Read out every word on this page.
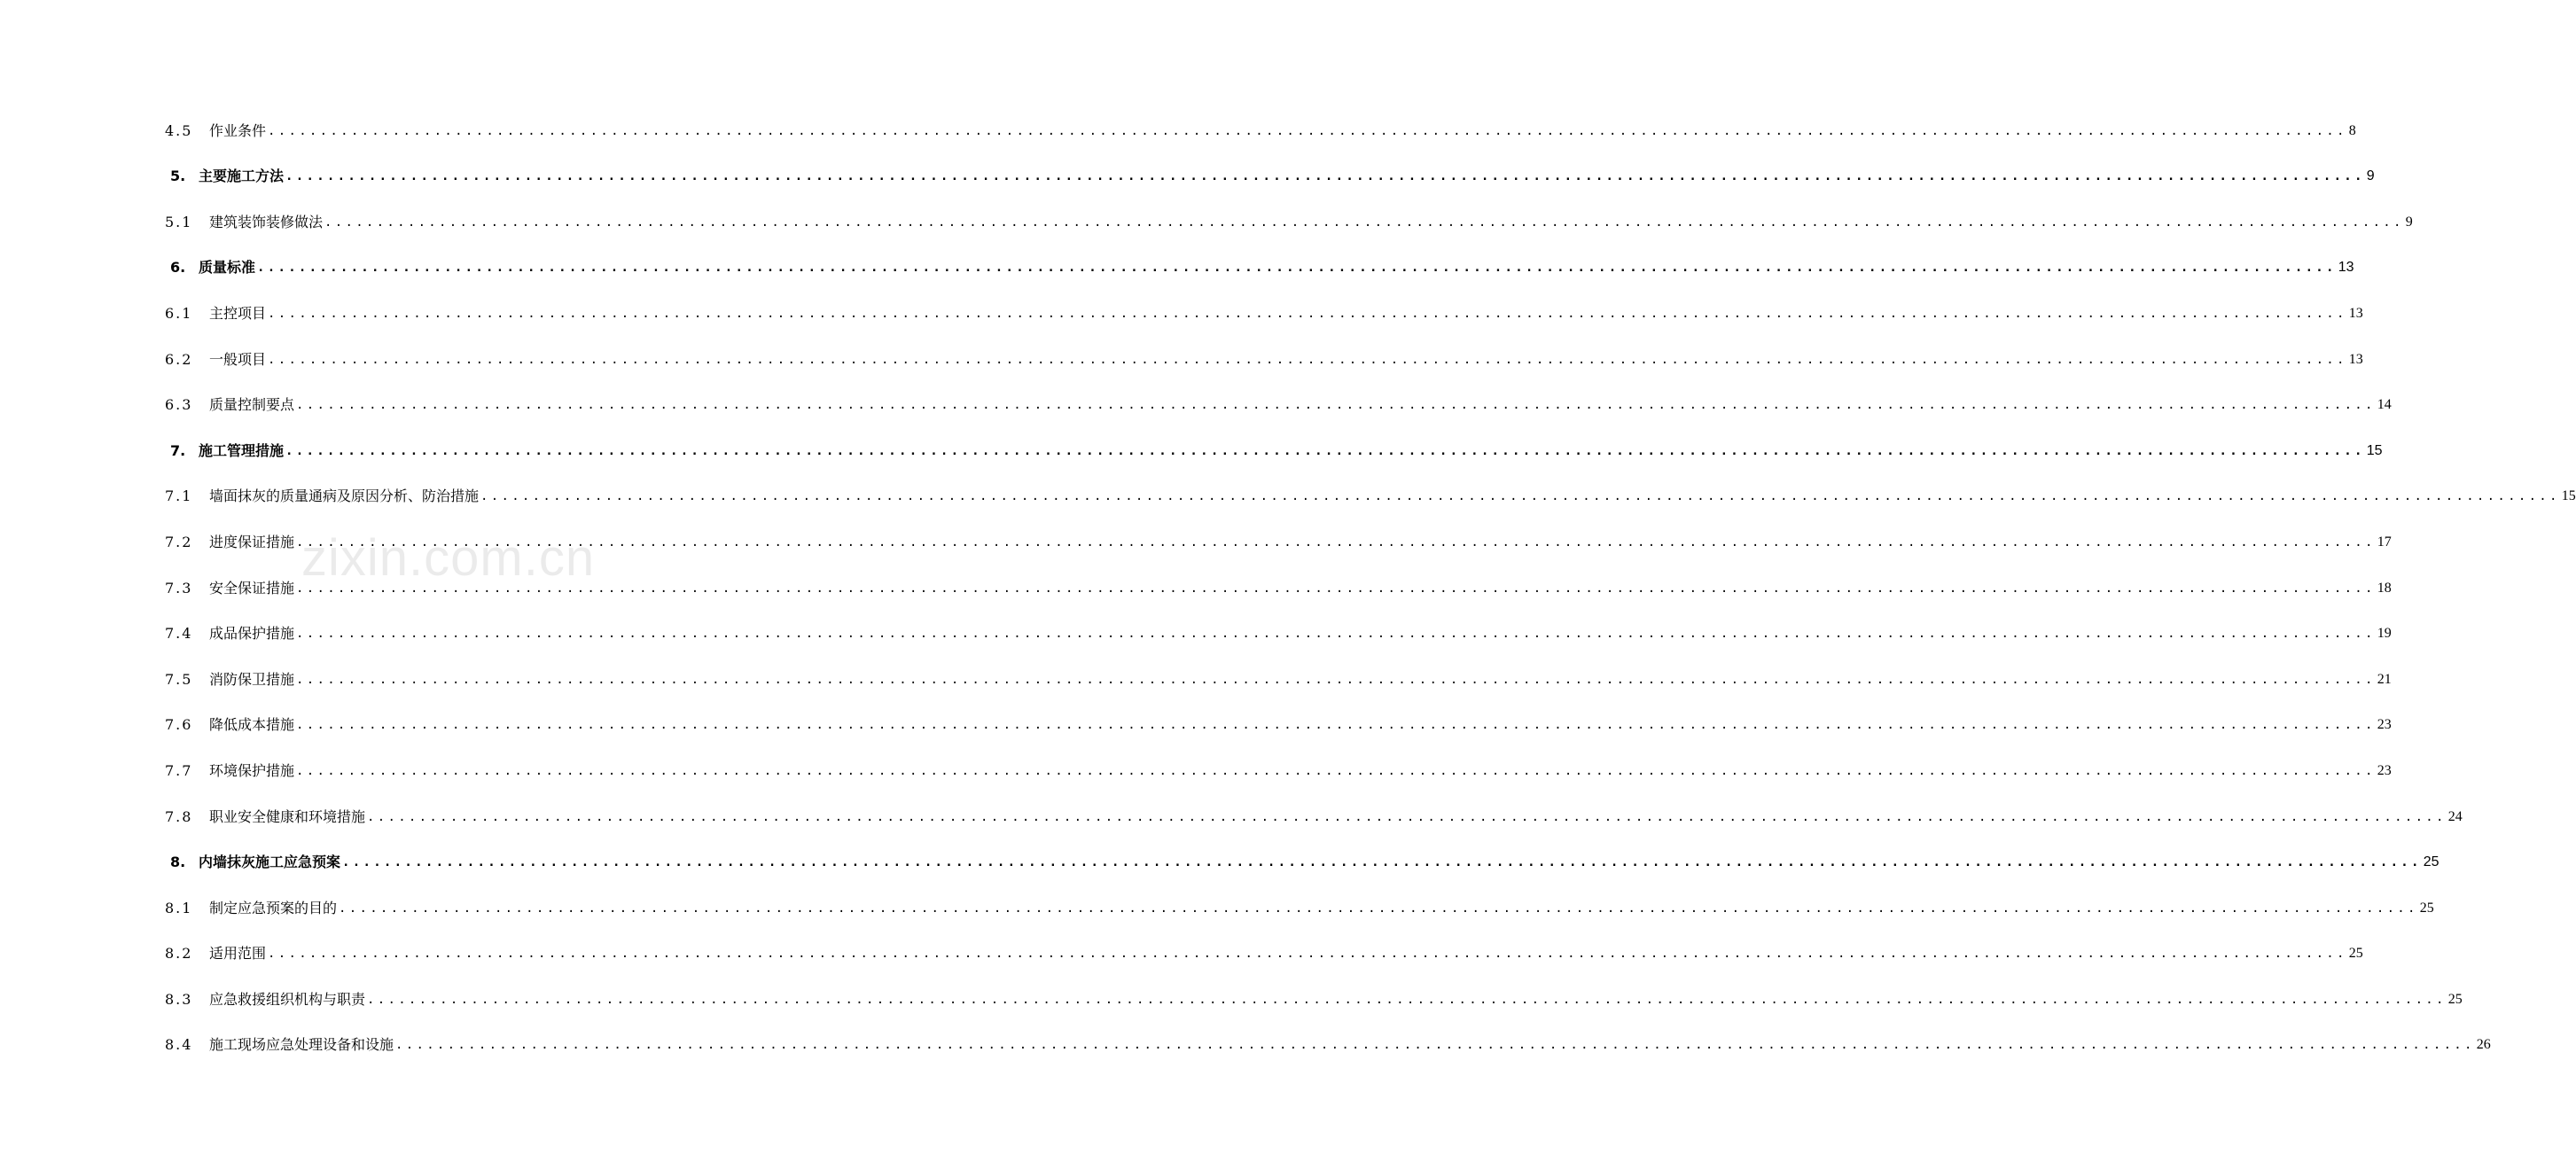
4.5	作业条件 ........................................................................................................................................................................................................ 8
5. 主要施工方法 ........................................................................................................................................................................................................ 9
5.1	建筑装饰装修做法 ........................................................................................................................................................................................................ 9
6. 质量标准 ........................................................................................................................................................................................................ 13
6.1	主控项目 ........................................................................................................................................................................................................ 13
6.2	一般项目 ........................................................................................................................................................................................................ 13
6.3	质量控制要点 ........................................................................................................................................................................................................ 14
7. 施工管理措施 ........................................................................................................................................................................................................ 15
7.1	墙面抹灰的质量通病及原因分析、防治措施 ........................................................................................................................................................................................................ 15
7.2	进度保证措施 ........................................................................................................................................................................................................ 17
7.3	安全保证措施 ........................................................................................................................................................................................................ 18
7.4	成品保护措施 ........................................................................................................................................................................................................ 19
7.5	消防保卫措施 ........................................................................................................................................................................................................ 21
7.6	降低成本措施 ........................................................................................................................................................................................................ 23
7.7	环境保护措施 ........................................................................................................................................................................................................ 23
7.8	职业安全健康和环境措施 ........................................................................................................................................................................................................ 24
8. 内墙抹灰施工应急预案 ........................................................................................................................................................................................................ 25
8.1	制定应急预案的目的 ........................................................................................................................................................................................................ 25
8.2	适用范围 ........................................................................................................................................................................................................ 25
8.3	应急救援组织机构与职责 ........................................................................................................................................................................................................ 25
8.4	施工现场应急处理设备和设施 ........................................................................................................................................................................................................ 26
zixin.com.cn
